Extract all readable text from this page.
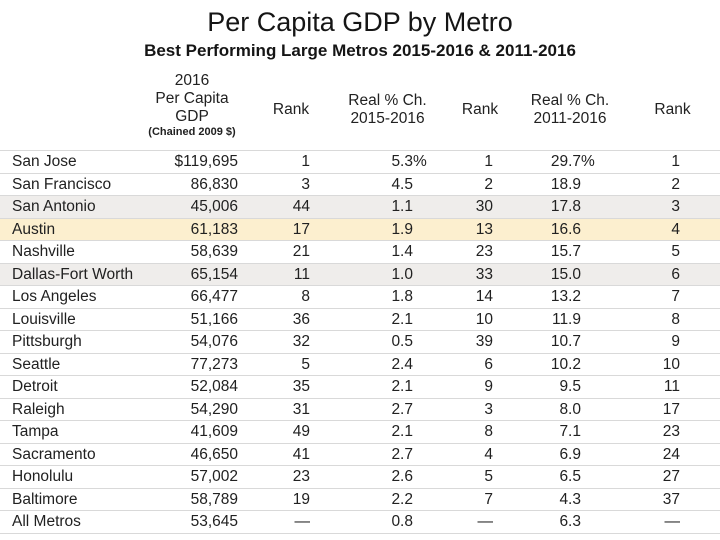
Per Capita GDP by Metro
Best Performing Large Metros 2015-2016 & 2011-2016

2016
Per Capita
GDP
(Chained 2009 $)
	Rank	
Real % Ch.
2015-2016
	Rank	
Real % Ch.
2011-2016
	Rank
San Jose	$119,695	1	5.3%	1	29.7%	1
San Francisco	86,830	3	4.5	2	18.9	2
San Antonio	45,006	44	1.1	30	17.8	3
Austin	61,183	17	1.9	13	16.6	4
Nashville	58,639	21	1.4	23	15.7	5
Dallas-Fort Worth	65,154	11	1.0	33	15.0	6
Los Angeles	66,477	8	1.8	14	13.2	7
Louisville	51,166	36	2.1	10	11.9	8
Pittsburgh	54,076	32	0.5	39	10.7	9
Seattle	77,273	5	2.4	6	10.2	10
Detroit	52,084	35	2.1	9	9.5	11
Raleigh	54,290	31	2.7	3	8.0	17
Tampa	41,609	49	2.1	8	7.1	23
Sacramento	46,650	41	2.7	4	6.9	24
Honolulu	57,002	23	2.6	5	6.5	27
Baltimore	58,789	19	2.2	7	4.3	37
All Metros	53,645	—	0.8	—	6.3	—
